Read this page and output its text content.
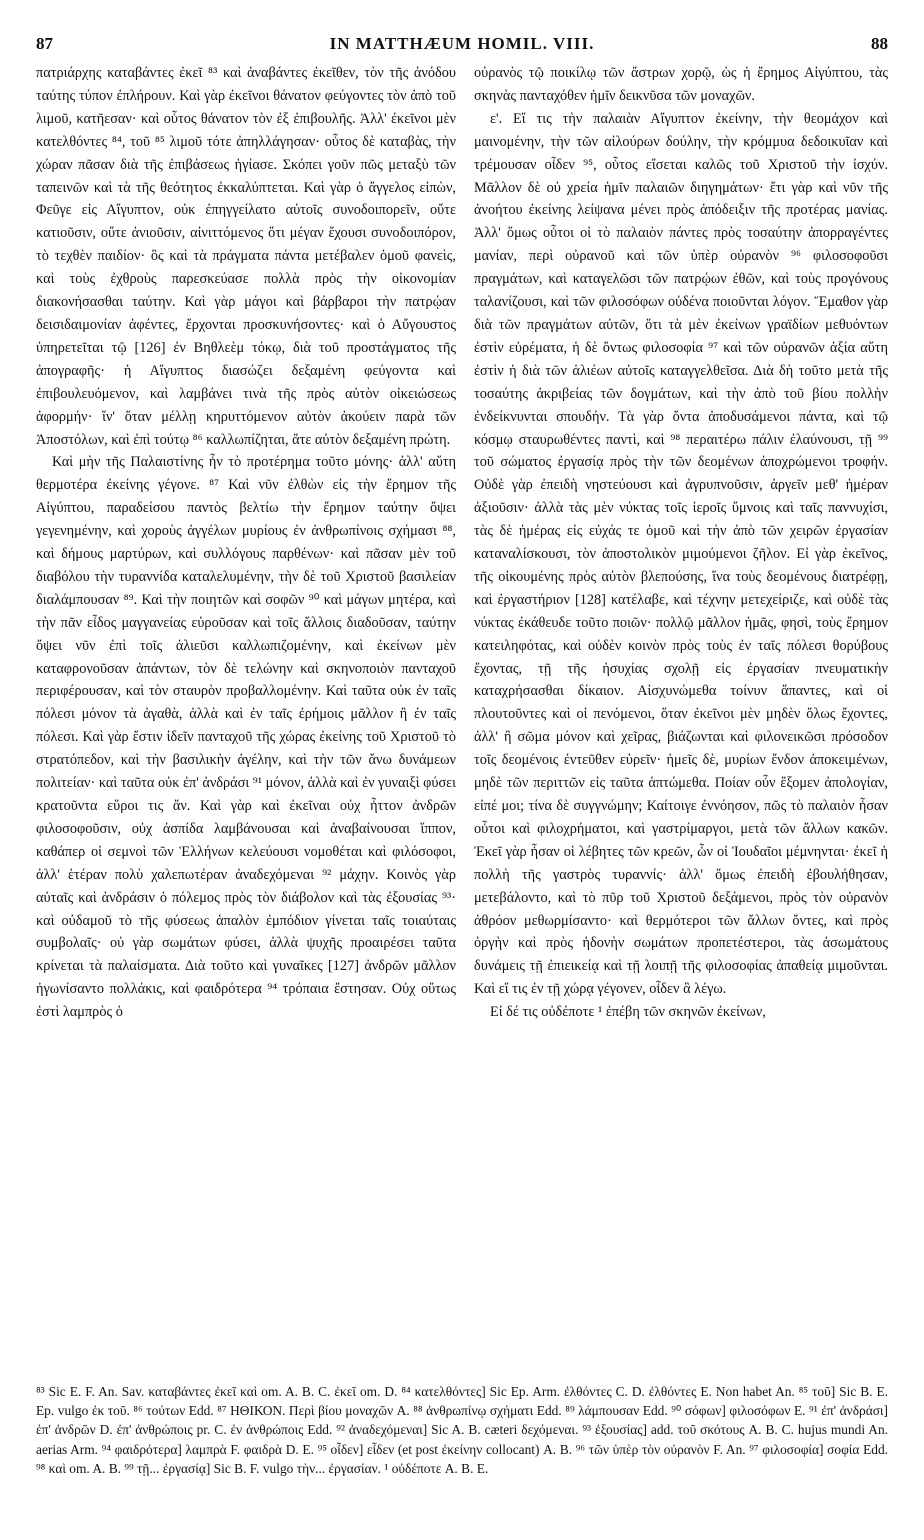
87	IN MATTHÆUM HOMIL. VIII.	88

πατριάρχης καταβάντες ἐκεῖ ⁸³ καὶ ἀναβάντες ἐκεῖθεν, τὸν τῆς ἀνόδου ταύτης τύπον ἐπλήρουν. Καὶ γὰρ ἐκεῖνοι θάνατον φεύγοντες τὸν ἀπὸ τοῦ λιμοῦ, κατῆεσαν· καὶ οὗτος θάνατον τὸν ἐξ ἐπιβουλῆς. Ἀλλ' ἐκεῖνοι μὲν κατελθόντες ⁸⁴, τοῦ ⁸⁵ λιμοῦ τότε ἀπηλλάγησαν· οὗτος δὲ καταβὰς, τὴν χώραν πᾶσαν διὰ τῆς ἐπιβάσεως ἡγίασε. Σκόπει γοῦν πῶς μεταξὺ τῶν ταπεινῶν καὶ τὰ τῆς θεότητος ἐκκαλύπτεται. Καὶ γὰρ ὁ ἄγγελος εἰπὼν, Φεῦγε εἰς Αἴγυπτον, οὐκ ἐπηγγείλατο αὐτοῖς συνοδοιπορεῖν, οὔτε κατιοῦσιν, οὔτε ἀνιοῦσιν, αἰνιττόμενος ὅτι μέγαν ἔχουσι συνοδοιπόρον, τὸ τεχθὲν παιδίον· ὃς καὶ τὰ πράγματα πάντα μετέβαλεν ὁμοῦ φανεὶς, καὶ τοὺς ἐχθροὺς παρεσκεύασε πολλὰ πρὸς τὴν οἰκονομίαν διακονήσασθαι ταύτην. Καὶ γὰρ μάγοι καὶ βάρβαροι τὴν πατρῴαν δεισιδαιμονίαν ἀφέντες, ἔρχονται προσκυνήσοντες· καὶ ὁ Αὔγουστος ὑπηρετεῖται τῷ [126] ἐν Βηθλεὲμ τόκῳ, διὰ τοῦ προστάγματος τῆς ἀπογραφῆς· ἡ Αἴγυπτος διασώζει δεξαμένη φεύγοντα καὶ ἐπιβουλευόμενον, καὶ λαμβάνει τινὰ τῆς πρὸς αὐτὸν οἰκειώσεως ἀφορμήν· ἵν' ὅταν μέλλῃ κηρυττόμενον αὐτὸν ἀκούειν παρὰ τῶν Ἀποστόλων, καὶ ἐπὶ τούτῳ ⁸⁶ καλλωπίζηται, ἅτε αὐτὸν δεξαμένη πρώτη.

Καὶ μὴν τῆς Παλαιστίνης ἦν τὸ προτέρημα τοῦτο μόνης· ἀλλ' αὕτη θερμοτέρα ἐκείνης γέγονε. ⁸⁷ Καὶ νῦν ἐλθὼν εἰς τὴν ἔρημον τῆς Αἰγύπτου, παραδείσου παντὸς βελτίω τὴν ἔρημον ταύτην ὄψει γεγενημένην, καὶ χοροὺς ἀγγέλων μυρίους ἐν ἀνθρωπίνοις σχήμασι ⁸⁸, καὶ δήμους μαρτύρων, καὶ συλλόγους παρθένων· καὶ πᾶσαν μὲν τοῦ διαβόλου τὴν τυραννίδα καταλελυμένην, τὴν δὲ τοῦ Χριστοῦ βασιλείαν διαλάμπουσαν ⁸⁹. Καὶ τὴν ποιητῶν καὶ σοφῶν ⁹⁰ καὶ μάγων μητέρα, καὶ τὴν πᾶν εἶδος μαγγανείας εὑροῦσαν καὶ τοῖς ἄλλοις διαδοῦσαν, ταύτην ὄψει νῦν ἐπὶ τοῖς ἁλιεῦσι καλλωπιζομένην, καὶ ἐκείνων μὲν καταφρονοῦσαν ἁπάντων, τὸν δὲ τελώνην καὶ σκηνοποιὸν πανταχοῦ περιφέρουσαν, καὶ τὸν σταυρὸν προβαλλομένην. Καὶ ταῦτα οὐκ ἐν ταῖς πόλεσι μόνον τὰ ἀγαθὰ, ἀλλὰ καὶ ἐν ταῖς ἐρήμοις μᾶλλον ἢ ἐν ταῖς πόλεσι. Καὶ γὰρ ἔστιν ἰδεῖν πανταχοῦ τῆς χώρας ἐκείνης τοῦ Χριστοῦ τὸ στρατόπεδον, καὶ τὴν βασιλικὴν ἀγέλην, καὶ τὴν τῶν ἄνω δυνάμεων πολιτείαν· καὶ ταῦτα οὐκ ἐπ' ἀνδράσι ⁹¹ μόνον, ἀλλὰ καὶ ἐν γυναιξὶ φύσει κρατοῦντα εὕροι τις ἄν. Καὶ γὰρ καὶ ἐκεῖναι οὐχ ἧττον ἀνδρῶν φιλοσοφοῦσιν, οὐχ ἀσπίδα λαμβάνουσαι καὶ ἀναβαίνουσαι ἵππον, καθάπερ οἱ σεμνοὶ τῶν Ἑλλήνων κελεύουσι νομοθέται καὶ φιλόσοφοι, ἀλλ' ἑτέραν πολὺ χαλεπωτέραν ἀναδεχόμεναι ⁹² μάχην. Κοινὸς γὰρ αὐταῖς καὶ ἀνδράσιν ὁ πόλεμος πρὸς τὸν διάβολον καὶ τὰς ἐξουσίας ⁹³· καὶ οὐδαμοῦ τὸ τῆς φύσεως ἁπαλὸν ἐμπόδιον γίνεται ταῖς τοιαύταις συμβολαῖς· οὐ γὰρ σωμάτων φύσει, ἀλλὰ ψυχῆς προαιρέσει ταῦτα κρίνεται τὰ παλαίσματα. Διὰ τοῦτο καὶ γυναῖκες [127] ἀνδρῶν μᾶλλον ἠγωνίσαντο πολλάκις, καὶ φαιδρότερα ⁹⁴ τρόπαια ἔστησαν. Οὐχ οὕτως ἐστὶ λαμπρὸς ὁ

οὐρανὸς τῷ ποικίλῳ τῶν ἄστρων χορῷ, ὡς ἡ ἔρημος Αἰγύπτου, τὰς σκηνὰς πανταχόθεν ἡμῖν δεικνῦσα τῶν μοναχῶν.

ε'. Εἴ τις τὴν παλαιὰν Αἴγυπτον ἐκείνην, τὴν θεομάχον καὶ μαινομένην, τὴν τῶν αἰλούρων δούλην, τὴν κρόμμυα δεδοικυῖαν καὶ τρέμουσαν οἶδεν ⁹⁵, οὗτος εἴσεται καλῶς τοῦ Χριστοῦ τὴν ἰσχύν. Μᾶλλον δὲ οὐ χρεία ἡμῖν παλαιῶν διηγημάτων· ἔτι γὰρ καὶ νῦν τῆς ἀνοήτου ἐκείνης λείψανα μένει πρὸς ἀπόδειξιν τῆς προτέρας μανίας. Ἀλλ' ὅμως οὗτοι οἱ τὸ παλαιὸν πάντες πρὸς τοσαύτην ἀπορραγέντες μανίαν, περὶ οὐρανοῦ καὶ τῶν ὑπὲρ οὐρανὸν ⁹⁶ φιλοσοφοῦσι πραγμάτων, καὶ καταγελῶσι τῶν πατρῴων ἐθῶν, καὶ τοὺς προγόνους ταλανίζουσι, καὶ τῶν φιλοσόφων οὐδένα ποιοῦνται λόγον. Ἔμαθον γὰρ διὰ τῶν πραγμάτων αὐτῶν, ὅτι τὰ μὲν ἐκείνων γραϊδίων μεθυόντων ἐστὶν εὑρέματα, ἡ δὲ ὄντως φιλοσοφία ⁹⁷ καὶ τῶν οὐρανῶν ἀξία αὕτη ἐστὶν ἡ διὰ τῶν ἁλιέων αὐτοῖς καταγγελθεῖσα. Διὰ δὴ τοῦτο μετὰ τῆς τοσαύτης ἀκριβείας τῶν δογμάτων, καὶ τὴν ἀπὸ τοῦ βίου πολλὴν ἐνδείκνυνται σπουδήν. Τὰ γὰρ ὄντα ἀποδυσάμενοι πάντα, καὶ τῷ κόσμῳ σταυρωθέντες παντὶ, καὶ ⁹⁸ περαιτέρω πάλιν ἐλαύνουσι, τῇ ⁹⁹ τοῦ σώματος ἐργασίᾳ πρὸς τὴν τῶν δεομένων ἀποχρώμενοι τροφήν. Οὐδὲ γὰρ ἐπειδὴ νηστεύουσι καὶ ἀγρυπνοῦσιν, ἀργεῖν μεθ' ἡμέραν ἀξιοῦσιν· ἀλλὰ τὰς μὲν νύκτας τοῖς ἱεροῖς ὕμνοις καὶ ταῖς παννυχίσι, τὰς δὲ ἡμέρας εἰς εὐχάς τε ὁμοῦ καὶ τὴν ἀπὸ τῶν χειρῶν ἐργασίαν καταναλίσκουσι, τὸν ἀποστολικὸν μιμούμενοι ζῆλον. Εἰ γὰρ ἐκεῖνος, τῆς οἰκουμένης πρὸς αὐτὸν βλεπούσης, ἵνα τοὺς δεομένους διατρέφῃ, καὶ ἐργαστήριον [128] κατέλαβε, καὶ τέχνην μετεχείριζε, καὶ οὐδὲ τὰς νύκτας ἐκάθευδε τοῦτο ποιῶν· πολλῷ μᾶλλον ἡμᾶς, φησὶ, τοὺς ἔρημον κατειληφότας, καὶ οὐδὲν κοινὸν πρὸς τοὺς ἐν ταῖς πόλεσι θορύβους ἔχοντας, τῇ τῆς ἡσυχίας σχολῇ εἰς ἐργασίαν πνευματικὴν καταχρήσασθαι δίκαιον. Αἰσχυνώμεθα τοίνυν ἅπαντες, καὶ οἱ πλουτοῦντες καὶ οἱ πενόμενοι, ὅταν ἐκεῖνοι μὲν μηδὲν ὅλως ἔχοντες, ἀλλ' ἢ σῶμα μόνον καὶ χεῖρας, βιάζωνται καὶ φιλονεικῶσι πρόσοδον τοῖς δεομένοις ἐντεῦθεν εὑρεῖν· ἡμεῖς δὲ, μυρίων ἔνδον ἀποκειμένων, μηδὲ τῶν περιττῶν εἰς ταῦτα ἁπτώμεθα. Ποίαν οὖν ἕξομεν ἀπολογίαν, εἰπέ μοι; τίνα δὲ συγγνώμην; Καίτοιγε ἐννόησον, πῶς τὸ παλαιὸν ἦσαν οὗτοι καὶ φιλοχρήματοι, καὶ γαστρίμαργοι, μετὰ τῶν ἄλλων κακῶν. Ἐκεῖ γὰρ ἦσαν οἱ λέβητες τῶν κρεῶν, ὧν οἱ Ἰουδαῖοι μέμνηνται· ἐκεῖ ἡ πολλὴ τῆς γαστρὸς τυραννίς· ἀλλ' ὅμως ἐπειδὴ ἐβουλήθησαν, μετεβάλοντο, καὶ τὸ πῦρ τοῦ Χριστοῦ δεξάμενοι, πρὸς τὸν οὐρανὸν ἀθρόον μεθωρμίσαντο· καὶ θερμότεροι τῶν ἄλλων ὄντες, καὶ πρὸς ὀργὴν καὶ πρὸς ἡδονὴν σωμάτων προπετέστεροι, τὰς ἀσωμάτους δυνάμεις τῇ ἐπιεικείᾳ καὶ τῇ λοιπῇ τῆς φιλοσοφίας ἀπαθείᾳ μιμοῦνται. Καὶ εἴ τις ἐν τῇ χώρᾳ γέγονεν, οἶδεν ἃ λέγω.

Εἰ δέ τις οὐδέποτε ¹ ἐπέβη τῶν σκηνῶν ἐκείνων,

⁸³ Sic E. F. An. Sav. καταβάντες ἐκεῖ καὶ om. A. B. C. ἐκεῖ om. D. ⁸⁴ κατελθόντες] Sic Ep. Arm. ἐλθόντες C. D. ἐλθόντες E. Non habet An. ⁸⁵ τοῦ] Sic B. E. Ep. vulgo ἐκ τοῦ. ⁸⁶ τούτων Edd. ⁸⁷ ΗΘΙΚΟΝ. Περὶ βίου μοναχῶν A. ⁸⁸ ἀνθρωπίνῳ σχήματι Edd. ⁸⁹ λάμπουσαν Edd. ⁹⁰ σόφων] φιλοσόφων E. ⁹¹ ἐπ' ἀνδράσι] ἐπ' ἀνδρῶν D. ἐπ' ἀνθρώποις pr. C. ἐν ἀνθρώποις Edd. ⁹² ἀναδεχόμεναι] Sic A. B. cæteri δεχόμεναι. ⁹³ ἐξουσίας] add. τοῦ σκότους A. B. C. hujus mundi An. aerias Arm. ⁹⁴ φαιδρότερα] λαμπρὰ F. φαιδρὰ D. E. ⁹⁵ οἶδεν] εἶδεν (et post ἐκείνην collocant) A. B. ⁹⁶ τῶν ὑπὲρ τὸν οὐρανὸν F. An. ⁹⁷ φιλοσοφία] σοφία Edd. ⁹⁸ καὶ om. A. B. ⁹⁹ τῇ... ἐργασίᾳ] Sic B. F. vulgo τὴν... ἐργασίαν. ¹ οὐδέποτε A. B. E.
